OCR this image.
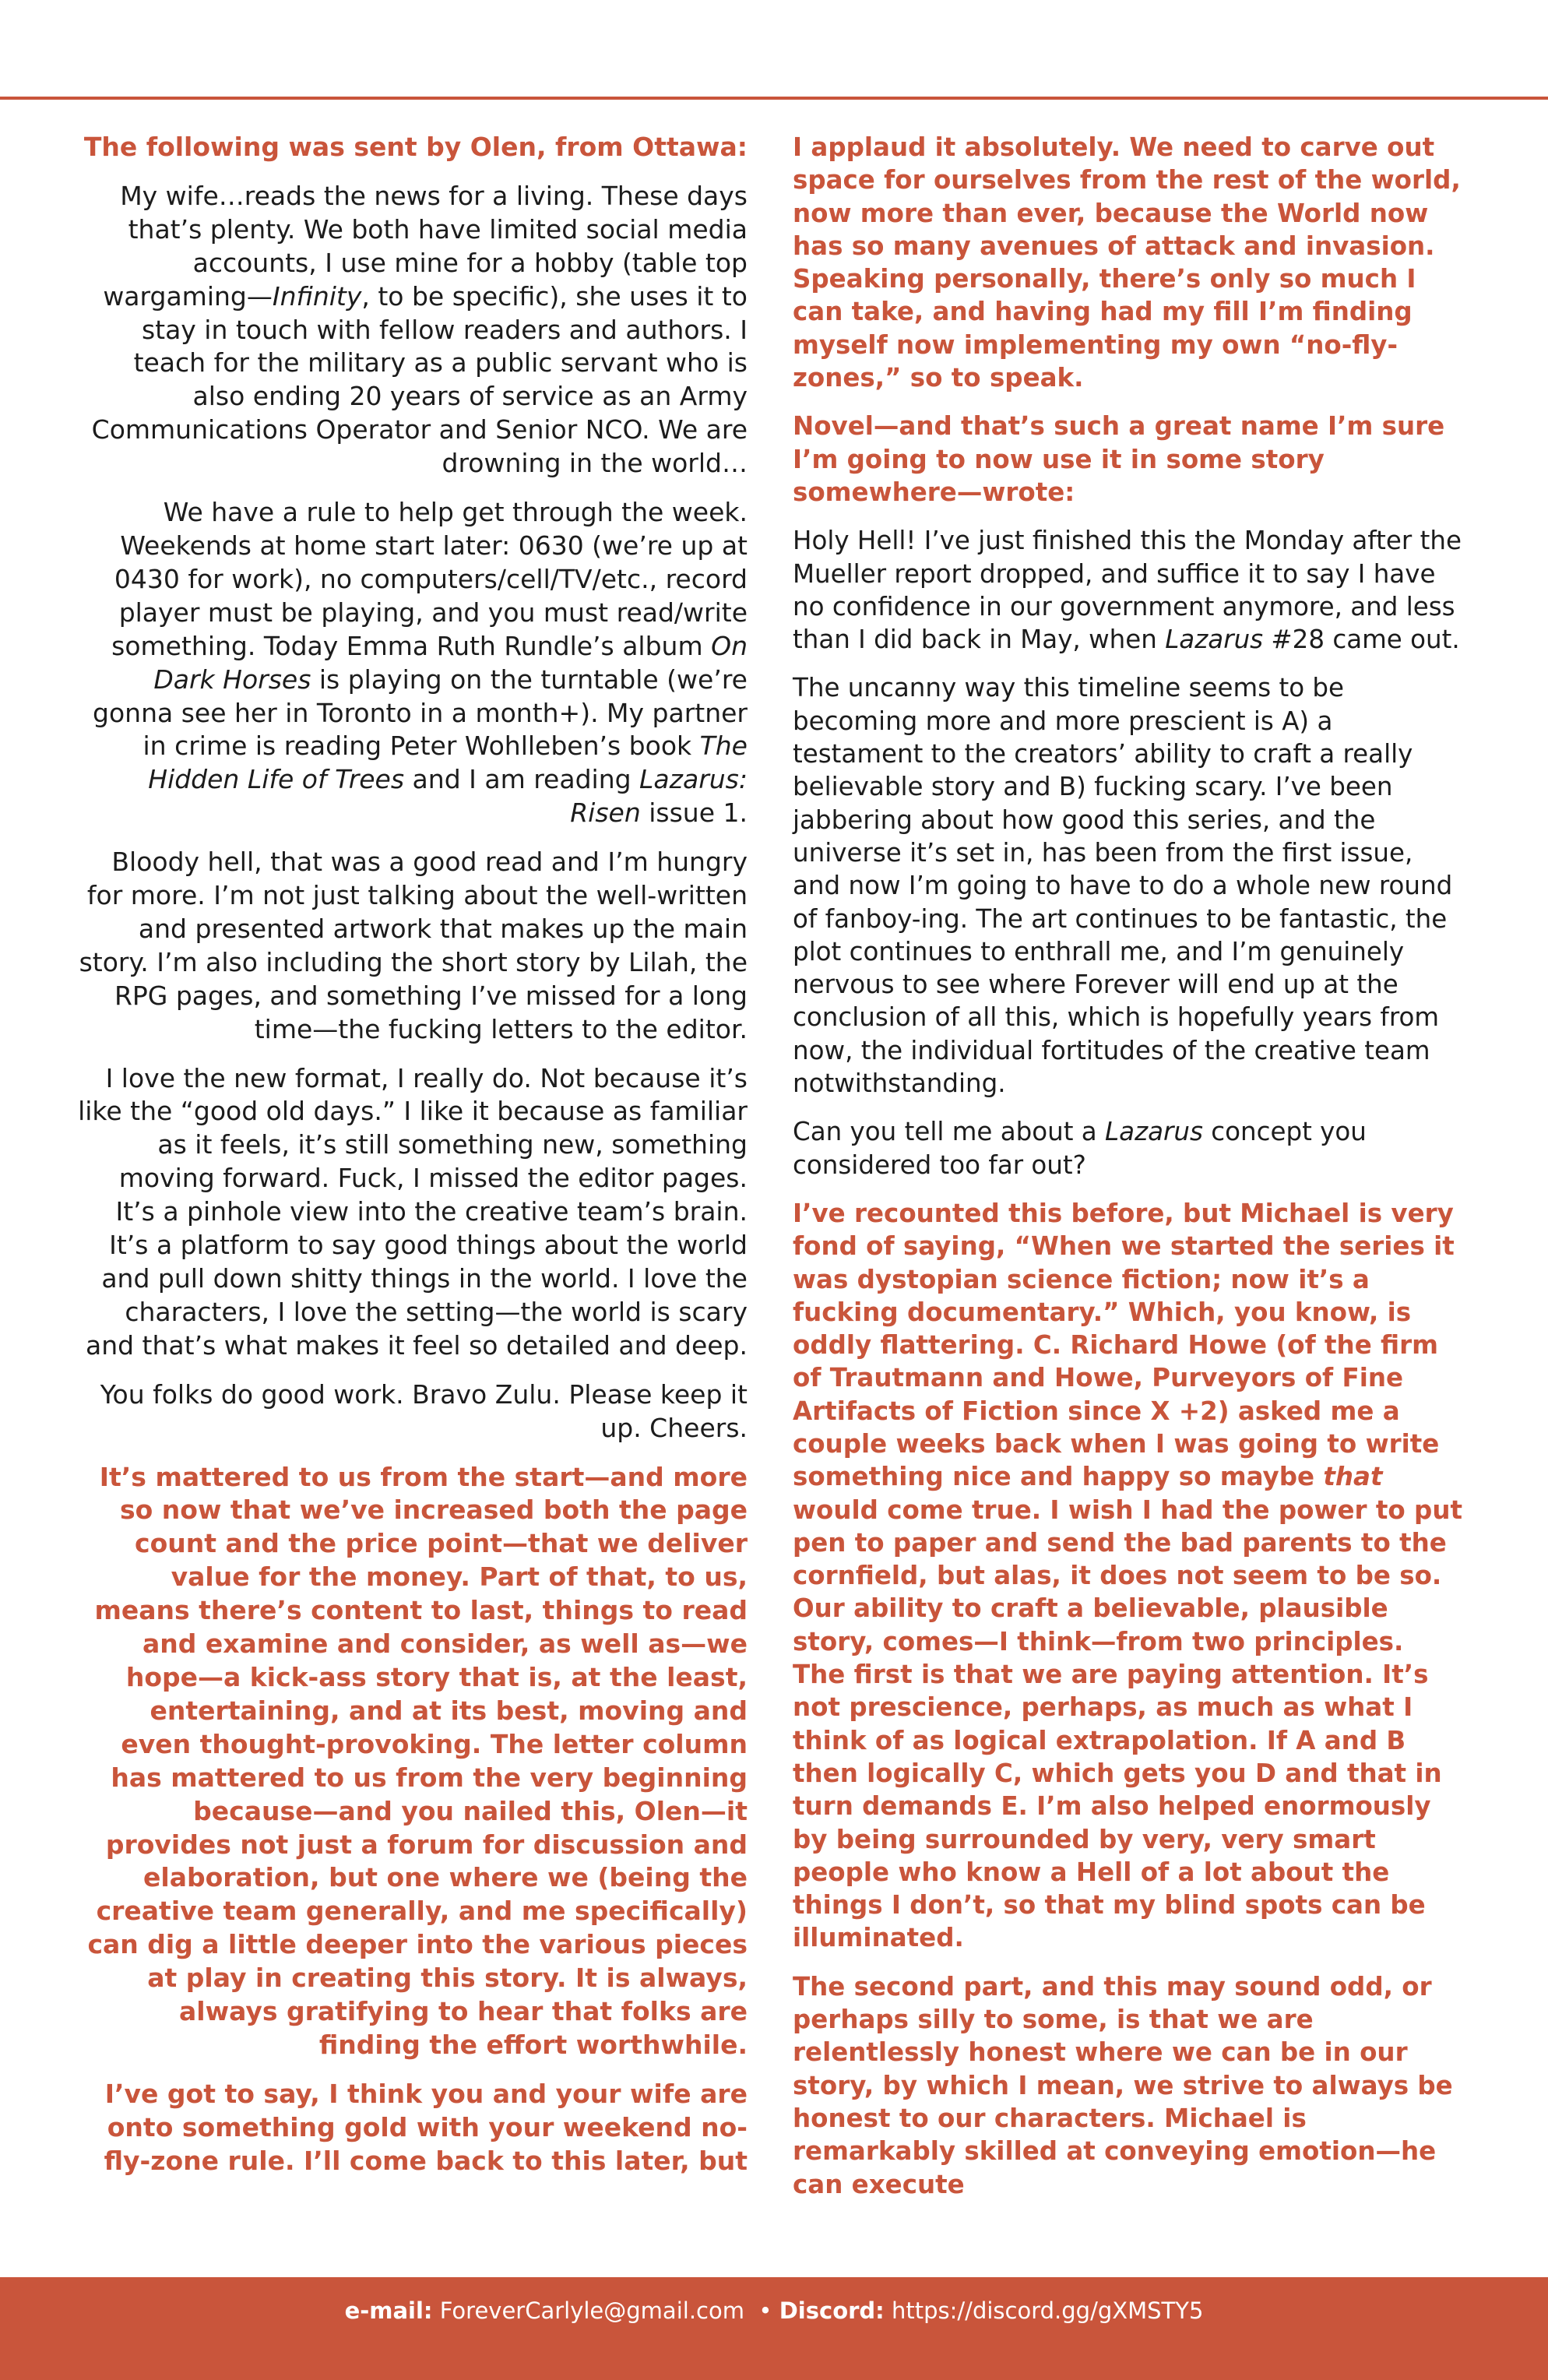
The following was sent by Olen, from Ottawa:

My wife…reads the news for a living. These days that’s plenty. We both have limited social media accounts, I use mine for a hobby (table top wargaming—Infinity, to be specific), she uses it to stay in touch with fellow readers and authors. I teach for the military as a public servant who is also ending 20 years of service as an Army Communications Operator and Senior NCO. We are drowning in the world…

We have a rule to help get through the week. Weekends at home start later: 0630 (we’re up at 0430 for work), no computers/cell/TV/etc., record player must be playing, and you must read/write something. Today Emma Ruth Rundle’s album On Dark Horses is playing on the turntable (we’re gonna see her in Toronto in a month+). My partner in crime is reading Peter Wohlleben’s book The Hidden Life of Trees and I am reading Lazarus: Risen issue 1.

Bloody hell, that was a good read and I’m hungry for more. I’m not just talking about the well-written and presented artwork that makes up the main story. I’m also including the short story by Lilah, the RPG pages, and something I’ve missed for a long time—the fucking letters to the editor.

I love the new format, I really do. Not because it’s like the “good old days.” I like it because as familiar as it feels, it’s still something new, something moving forward. Fuck, I missed the editor pages. It’s a pinhole view into the creative team’s brain. It’s a platform to say good things about the world and pull down shitty things in the world. I love the characters, I love the setting—the world is scary and that’s what makes it feel so detailed and deep.

You folks do good work. Bravo Zulu. Please keep it up. Cheers.

It’s mattered to us from the start—and more so now that we’ve increased both the page count and the price point—that we deliver value for the money. Part of that, to us, means there’s content to last, things to read and examine and consider, as well as—we hope—a kick-ass story that is, at the least, entertaining, and at its best, moving and even thought-provoking. The letter column has mattered to us from the very beginning because—and you nailed this, Olen—it provides not just a forum for discussion and elaboration, but one where we (being the creative team generally, and me specifically) can dig a little deeper into the various pieces at play in creating this story. It is always, always gratifying to hear that folks are finding the effort worthwhile.

I’ve got to say, I think you and your wife are onto something gold with your weekend no-fly-zone rule. I’ll come back to this later, but

I applaud it absolutely. We need to carve out space for ourselves from the rest of the world, now more than ever, because the World now has so many avenues of attack and invasion. Speaking personally, there’s only so much I can take, and having had my fill I’m finding myself now implementing my own “no-fly-zones,” so to speak.

Novel—and that’s such a great name I’m sure I’m going to now use it in some story somewhere—wrote:

Holy Hell! I’ve just finished this the Monday after the Mueller report dropped, and suffice it to say I have no confidence in our government anymore, and less than I did back in May, when Lazarus #28 came out.

The uncanny way this timeline seems to be becoming more and more prescient is A) a testament to the creators’ ability to craft a really believable story and B) fucking scary. I’ve been jabbering about how good this series, and the universe it’s set in, has been from the first issue, and now I’m going to have to do a whole new round of fanboy-ing. The art continues to be fantastic, the plot continues to enthrall me, and I’m genuinely nervous to see where Forever will end up at the conclusion of all this, which is hopefully years from now, the individual fortitudes of the creative team notwithstanding.

Can you tell me about a Lazarus concept you considered too far out?

I’ve recounted this before, but Michael is very fond of saying, “When we started the series it was dystopian science fiction; now it’s a fucking documentary.” Which, you know, is oddly flattering. C. Richard Howe (of the firm of Trautmann and Howe, Purveyors of Fine Artifacts of Fiction since X +2) asked me a couple weeks back when I was going to write something nice and happy so maybe that would come true. I wish I had the power to put pen to paper and send the bad parents to the cornfield, but alas, it does not seem to be so. Our ability to craft a believable, plausible story, comes—I think—from two principles. The first is that we are paying attention. It’s not prescience, perhaps, as much as what I think of as logical extrapolation. If A and B then logically C, which gets you D and that in turn demands E. I’m also helped enormously by being surrounded by very, very smart people who know a Hell of a lot about the things I don’t, so that my blind spots can be illuminated.

The second part, and this may sound odd, or perhaps silly to some, is that we are relentlessly honest where we can be in our story, by which I mean, we strive to always be honest to our characters. Michael is remarkably skilled at conveying emotion—he can execute

e-mail: ForeverCarlyle@gmail.com • Discord: https://discord.gg/gXMSTY5
